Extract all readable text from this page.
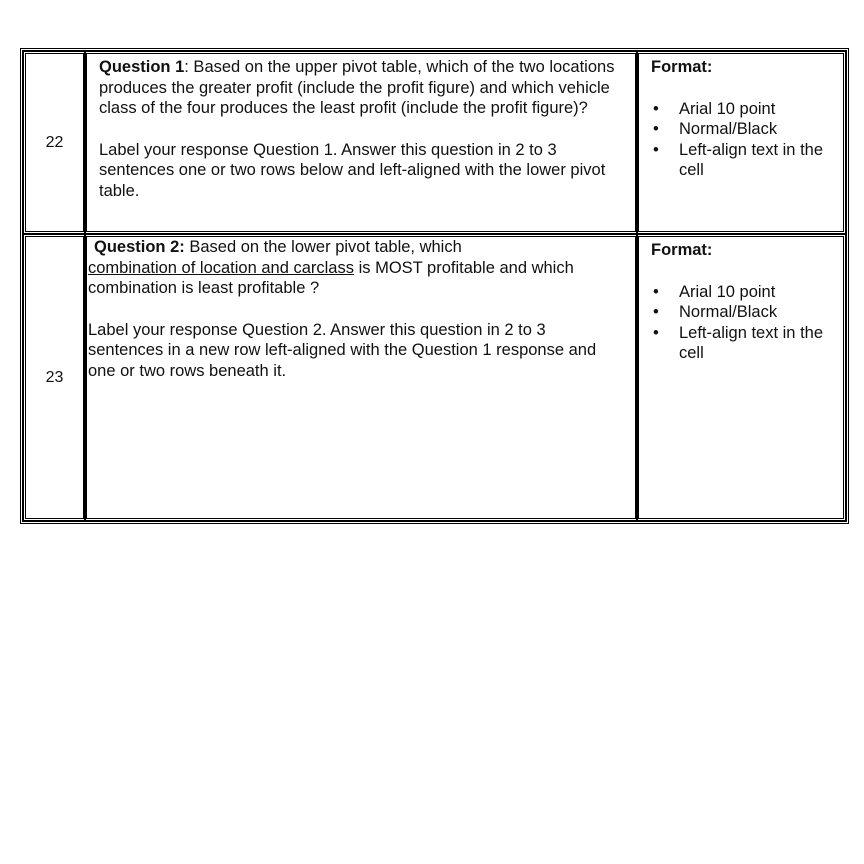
22

Question 1: Based on the upper pivot table, which of the two locations produces the greater profit (include the profit figure) and which vehicle class of the four produces the least profit (include the profit figure)?

Label your response Question 1. Answer this question in 2 to 3 sentences one or two rows below and left-aligned with the lower pivot table.

Format:
• Arial 10 point
• Normal/Black
• Left-align text in the cell
23

Question 2: Based on the lower pivot table, which
combination of location and carclass is MOST profitable and which combination is least profitable ?

Label your response Question 2. Answer this question in 2 to 3 sentences in a new row left-aligned with the Question 1 response and one or two rows beneath it.

Format:
• Arial 10 point
• Normal/Black
• Left-align text in the cell
